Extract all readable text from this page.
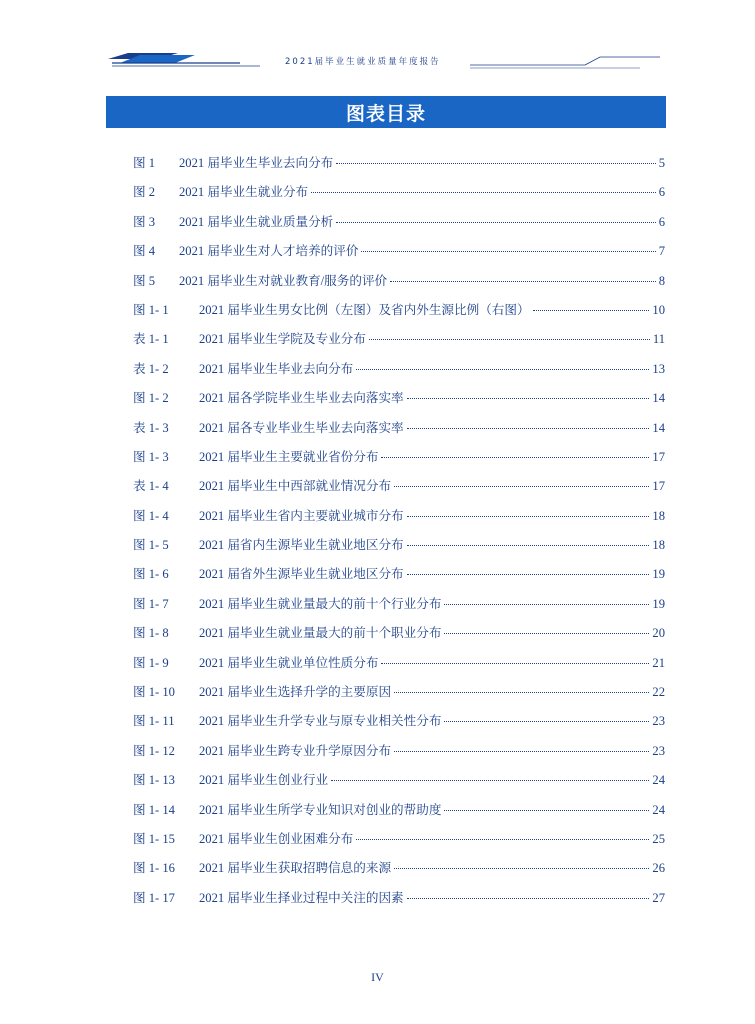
2021届毕业生就业质量年度报告
图表目录
图 1	2021 届毕业生毕业去向分布	5
图 2	2021 届毕业生就业分布	6
图 3	2021 届毕业生就业质量分析	6
图 4	2021 届毕业生对人才培养的评价	7
图 5	2021 届毕业生对就业教育/服务的评价	8
图 1- 1	2021 届毕业生男女比例（左图）及省内外生源比例（右图）	10
表 1- 1	2021 届毕业生学院及专业分布	11
表 1- 2	2021 届毕业生毕业去向分布	13
图 1- 2	2021 届各学院毕业生毕业去向落实率	14
表 1- 3	2021 届各专业毕业生毕业去向落实率	14
图 1- 3	2021 届毕业生主要就业省份分布	17
表 1- 4	2021 届毕业生中西部就业情况分布	17
图 1- 4	2021 届毕业生省内主要就业城市分布	18
图 1- 5	2021 届省内生源毕业生就业地区分布	18
图 1- 6	2021 届省外生源毕业生就业地区分布	19
图 1- 7	2021 届毕业生就业量最大的前十个行业分布	19
图 1- 8	2021 届毕业生就业量最大的前十个职业分布	20
图 1- 9	2021 届毕业生就业单位性质分布	21
图 1- 10	2021 届毕业生选择升学的主要原因	22
图 1- 11	2021 届毕业生升学专业与原专业相关性分布	23
图 1- 12	2021 届毕业生跨专业升学原因分布	23
图 1- 13	2021 届毕业生创业行业	24
图 1- 14	2021 届毕业生所学专业知识对创业的帮助度	24
图 1- 15	2021 届毕业生创业困难分布	25
图 1- 16	2021 届毕业生获取招聘信息的来源	26
图 1- 17	2021 届毕业生择业过程中关注的因素	27
IV
